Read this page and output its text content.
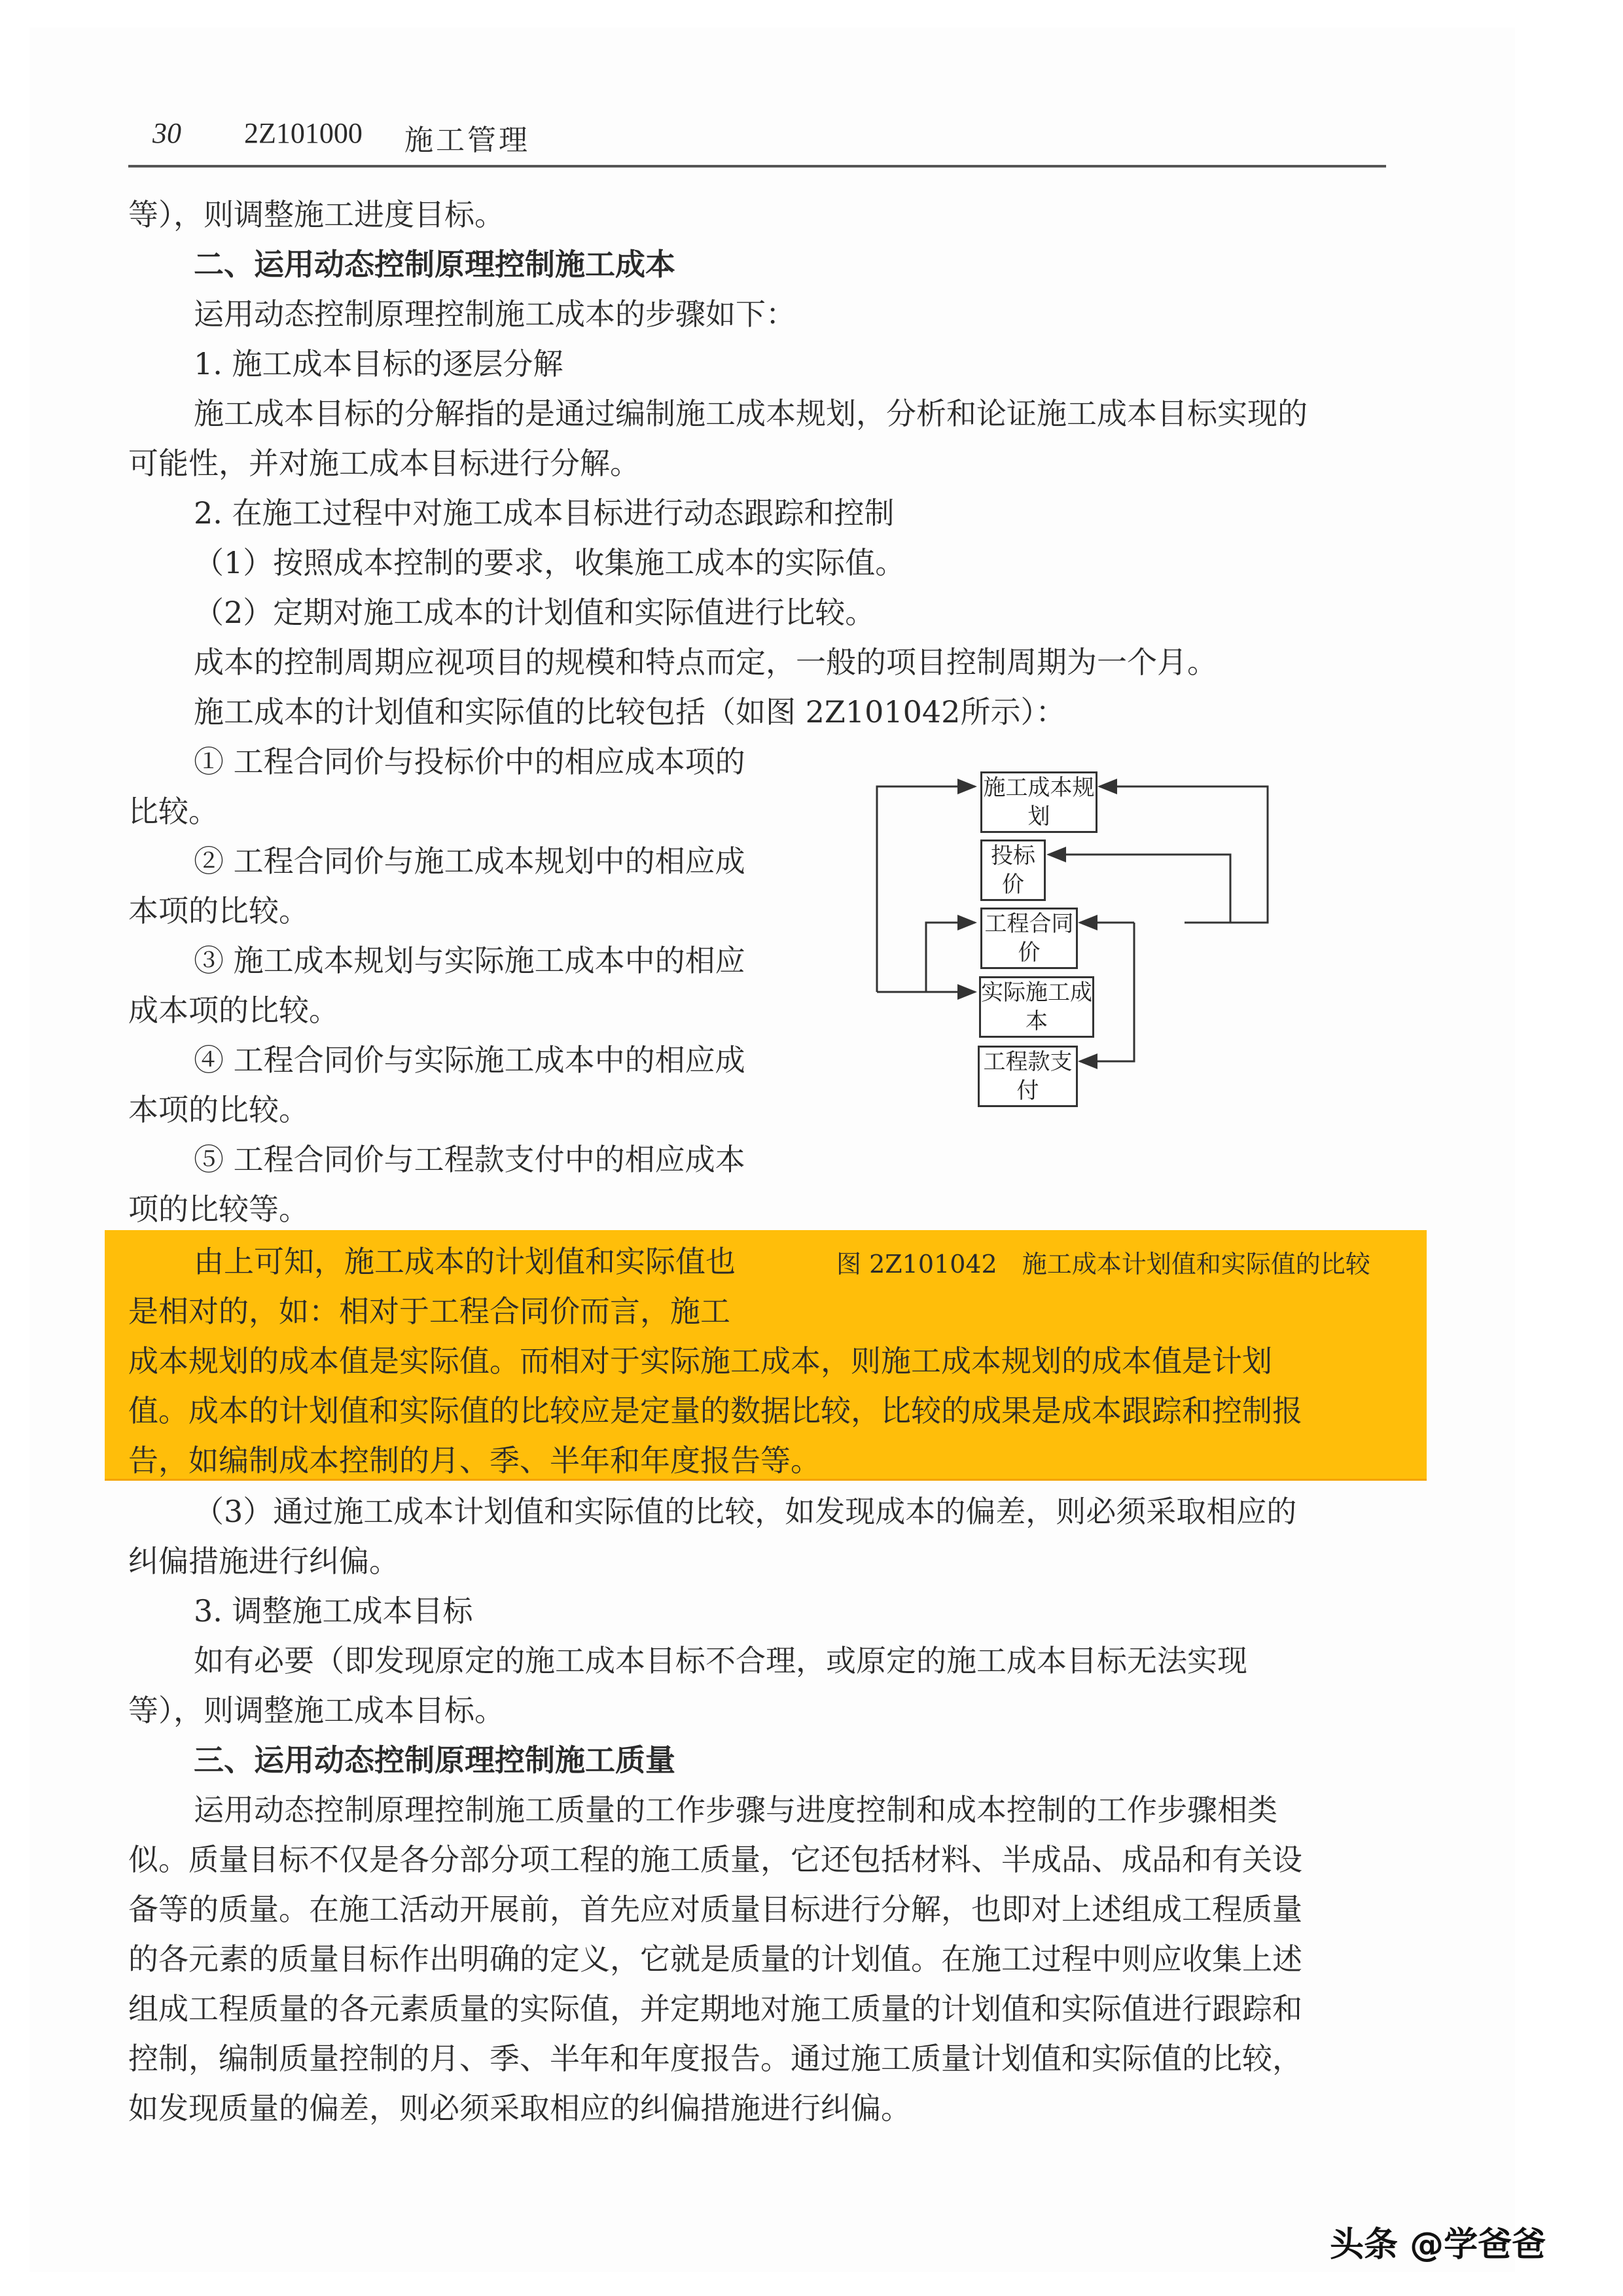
30 2Z101000 施工管理
等），则调整施工进度目标。
二、运用动态控制原理控制施工成本
运用动态控制原理控制施工成本的步骤如下：
1. 施工成本目标的逐层分解
施工成本目标的分解指的是通过编制施工成本规划，分析和论证施工成本目标实现的
可能性，并对施工成本目标进行分解。
2. 在施工过程中对施工成本目标进行动态跟踪和控制
（1）按照成本控制的要求，收集施工成本的实际值。
（2）定期对施工成本的计划值和实际值进行比较。
成本的控制周期应视项目的规模和特点而定，一般的项目控制周期为一个月。
施工成本的计划值和实际值的比较包括（如图 2Z101042所示）：
① 工程合同价与投标价中的相应成本项的
比较。
② 工程合同价与施工成本规划中的相应成
本项的比较。
③ 施工成本规划与实际施工成本中的相应
成本项的比较。
④ 工程合同价与实际施工成本中的相应成
本项的比较。
⑤ 工程合同价与工程款支付中的相应成本
项的比较等。
施工成本规划
投标价
工程合同价
实际施工成本
工程款支付
由上可知，施工成本的计划值和实际值也	图 2Z101042　施工成本计划值和实际值的比较
是相对的，如：相对于工程合同价而言，施工
成本规划的成本值是实际值。而相对于实际施工成本，则施工成本规划的成本值是计划
值。成本的计划值和实际值的比较应是定量的数据比较，比较的成果是成本跟踪和控制报
告，如编制成本控制的月、季、半年和年度报告等。
（3）通过施工成本计划值和实际值的比较，如发现成本的偏差，则必须采取相应的
纠偏措施进行纠偏。
3. 调整施工成本目标
如有必要（即发现原定的施工成本目标不合理，或原定的施工成本目标无法实现
等），则调整施工成本目标。
三、运用动态控制原理控制施工质量
运用动态控制原理控制施工质量的工作步骤与进度控制和成本控制的工作步骤相类
似。质量目标不仅是各分部分项工程的施工质量，它还包括材料、半成品、成品和有关设
备等的质量。在施工活动开展前，首先应对质量目标进行分解，也即对上述组成工程质量
的各元素的质量目标作出明确的定义，它就是质量的计划值。在施工过程中则应收集上述
组成工程质量的各元素质量的实际值，并定期地对施工质量的计划值和实际值进行跟踪和
控制，编制质量控制的月、季、半年和年度报告。通过施工质量计划值和实际值的比较，
如发现质量的偏差，则必须采取相应的纠偏措施进行纠偏。
头条 @学爸爸
